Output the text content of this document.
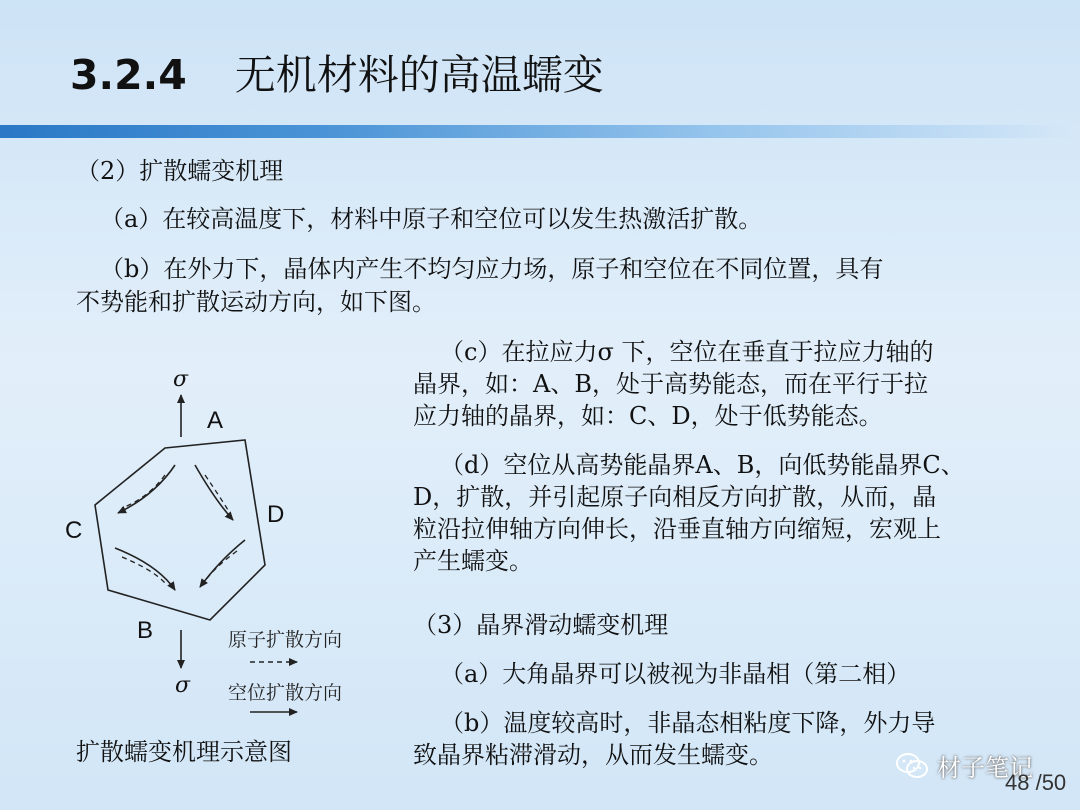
3.2.4 无机材料的高温蠕变
（2）扩散蠕变机理
（a）在较高温度下，材料中原子和空位可以发生热激活扩散。
（b）在外力下，晶体内产生不均匀应力场，原子和空位在不同位置，具有
不势能和扩散运动方向，如下图。
（c）在拉应力σ 下，空位在垂直于拉应力轴的
晶界，如：A、B，处于高势能态，而在平行于拉
应力轴的晶界，如：C、D，处于低势能态。
（d）空位从高势能晶界A、B，向低势能晶界C、
D，扩散，并引起原子向相反方向扩散，从而，晶
粒沿拉伸轴方向伸长，沿垂直轴方向缩短，宏观上
产生蠕变。
（3）晶界滑动蠕变机理
（a）大角晶界可以被视为非晶相（第二相）
（b）温度较高时，非晶态相粘度下降，外力导
致晶界粘滞滑动，从而发生蠕变。
σ
A
C
D
B
σ
原子扩散方向
空位扩散方向
扩散蠕变机理示意图
材子笔记
48 /50
